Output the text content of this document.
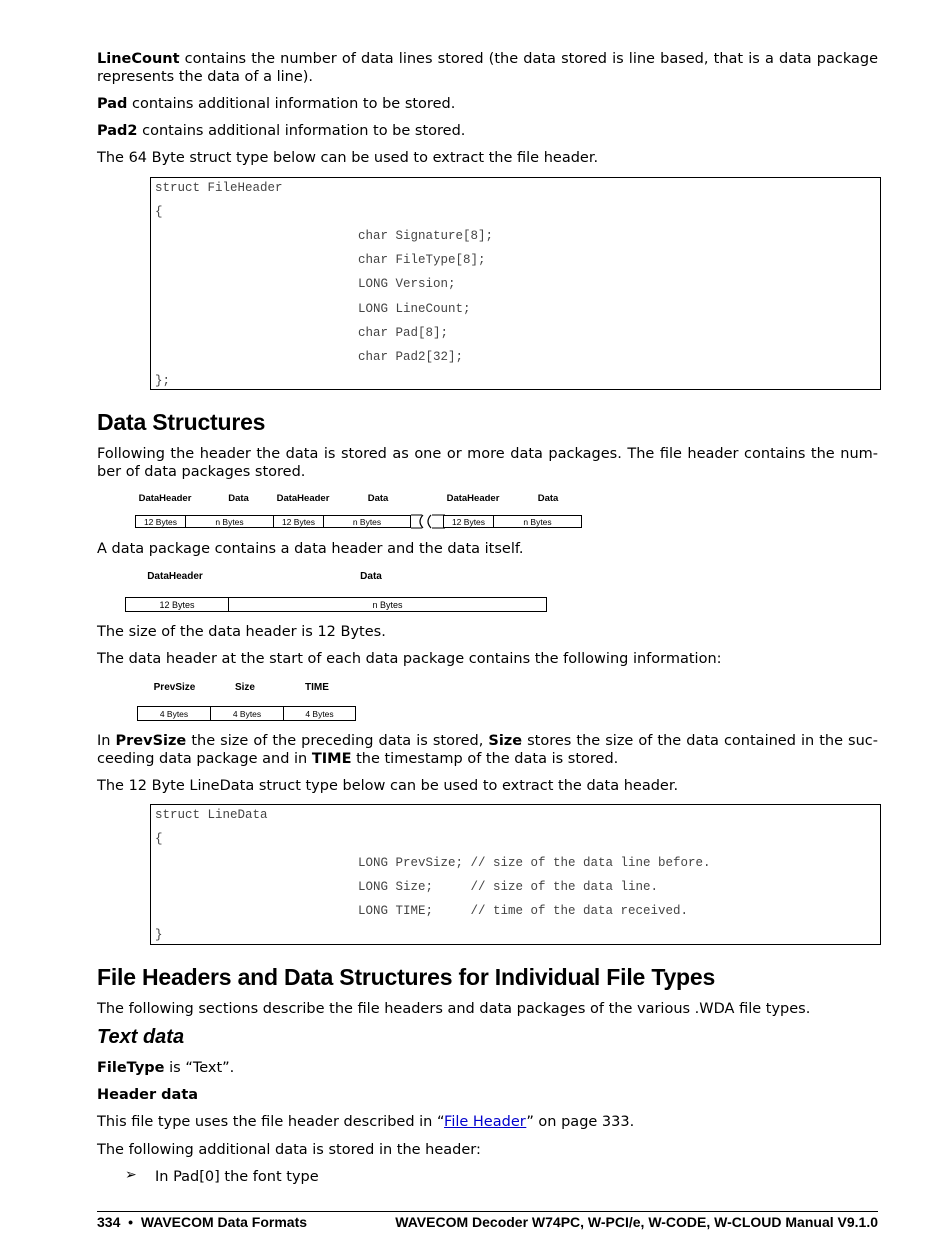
LineCount contains the number of data lines stored (the data stored is line based, that is a data package represents the data of a line).
Pad contains additional information to be stored.
Pad2 contains additional information to be stored.
The 64 Byte struct type below can be used to extract the file header.
struct FileHeader
{
char Signature[8];
char FileType[8];
LONG Version;
LONG LineCount;
char Pad[8];
char Pad2[32];
};
Data Structures
Following the header the data is stored as one or more data packages. The file header contains the number of data packages stored.
DataHeader	Data	DataHeader	Data	DataHeader	Data
12 Bytes	n Bytes	12 Bytes	n Bytes	12 Bytes	n Bytes
A data package contains a data header and the data itself.
DataHeader	Data
12 Bytes	n Bytes
The size of the data header is 12 Bytes.
The data header at the start of each data package contains the following information:
PrevSize	Size	TIME
4 Bytes	4 Bytes	4 Bytes
In PrevSize the size of the preceding data is stored, Size stores the size of the data contained in the succeeding data package and in TIME the timestamp of the data is stored.
The 12 Byte LineData struct type below can be used to extract the data header.
struct LineData
{
LONG PrevSize; // size of the data line before.
LONG Size;     // size of the data line.
LONG TIME;     // time of the data received.
}
File Headers and Data Structures for Individual File Types
The following sections describe the file headers and data packages of the various .WDA file types.
Text data
FileType is “Text”.
Header data
This file type uses the file header described in “File Header” on page 333.
The following additional data is stored in the header:
➢ In Pad[0] the font type
334  •  WAVECOM Data Formats	WAVECOM Decoder W74PC, W-PCI/e, W-CODE, W-CLOUD Manual V9.1.0
